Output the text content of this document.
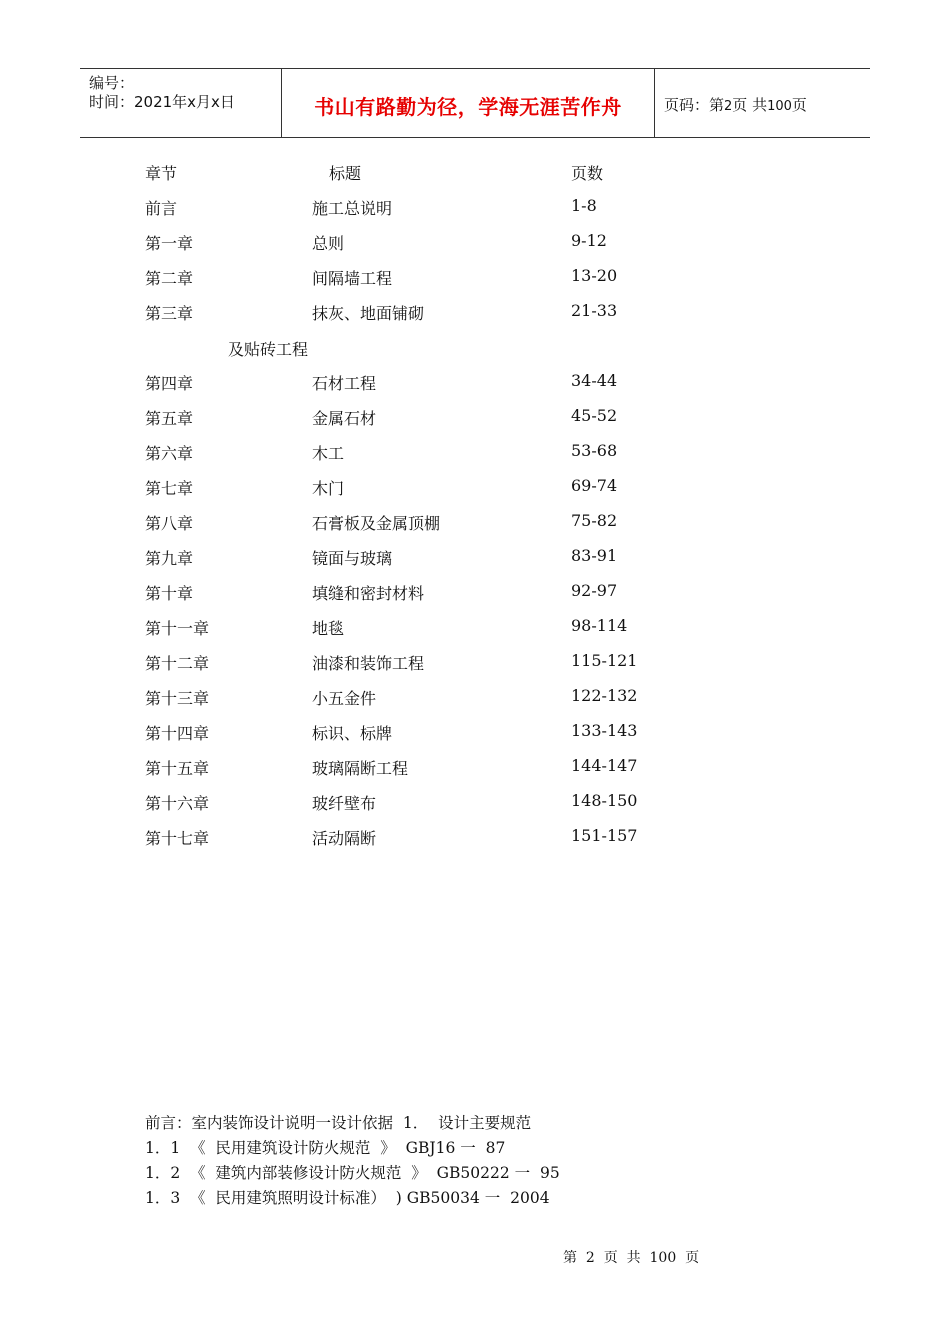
编号：
时间：2021年x月x日	书山有路勤为径，学海无涯苦作舟	页码：第2页 共100页
章节	标题	页数
前言	施工总说明	1-8
第一章	总则	9-12
第二章	间隔墙工程	13-20
第三章	抹灰、地面铺砌	21-33
及贴砖工程
第四章	石材工程	34-44
第五章	金属石材	45-52
第六章	木工	53-68
第七章	木门	69-74
第八章	石膏板及金属顶棚	75-82
第九章	镜面与玻璃	83-91
第十章	填缝和密封材料	92-97
第十一章	地毯	98-114
第十二章	油漆和装饰工程	115-121
第十三章	小五金件	122-132
第十四章	标识、标牌	133-143
第十五章	玻璃隔断工程	144-147
第十六章	玻纤壁布	148-150
第十七章	活动隔断	151-157
前言：室内装饰设计说明一设计依据  1．  设计主要规范
1．1  《  民用建筑设计防火规范  》  GBJ16 一  87
1．2  《  建筑内部装修设计防火规范  》  GB50222 一  95
1．3  《  民用建筑照明设计标准）  ) GB50034 一  2004
第  2  页  共  100  页
